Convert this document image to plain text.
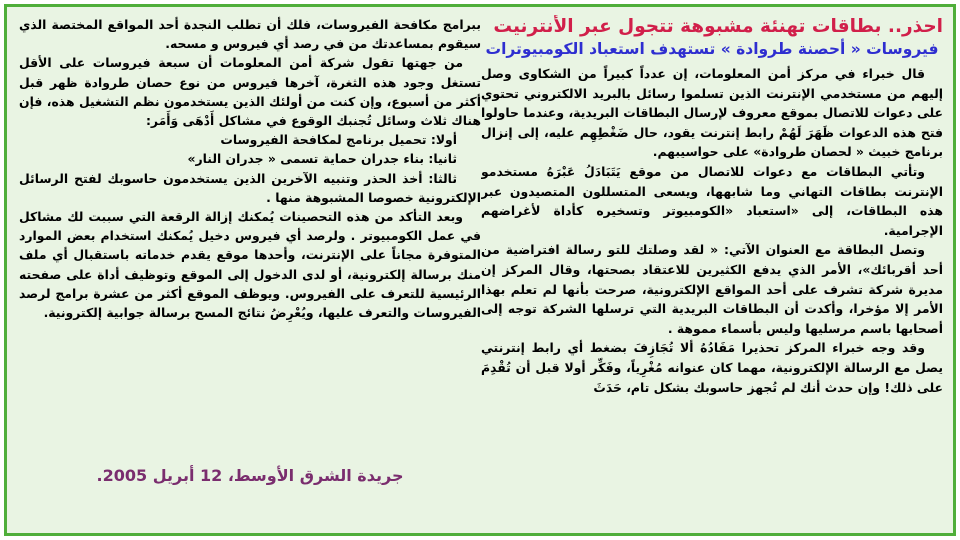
احذر.. بطاقات تهنئة مشبوهة تتجول عبر الأنترنيت
فيروسات « أحصنة طروادة » تستهدف استعباد الكومبيوترات

قال خبراء في مركز أمن المعلومات، إن عدداً كبيراً من الشكاوى وصل إليهم من مستخدمي الإنترنت الذين تسلموا رسائل بالبريد الالكتروني تحتوي على دعوات للاتصال بموقع معروف لإرسال البطاقات البريدية، وعندما حاولوا فتح هذه الدعوات ظَهَرَ لَهُمْ رابط إنترنت يقود، حال ضَغْطِهِم عليه، إلى إنزال برنامج خبيث « لحصان طروادة» على حواسيبهم.

وتأتي البطاقات مع دعوات للاتصال من موقع يَتَبَادَلُ عَبْرَهُ مستخدمو الإنترنت بطاقات التهاني وما شابهها، ويسعى المتسللون المتصيدون عبر هذه البطاقات، إلى «استعباد «الكومبيوتر وتسخيره كأداة لأغراضهم الإجرامية.

وتصل البطاقة مع العنوان الآتي: « لقد وصلتك للتو رسالة افتراضية من أحد أقربائك»، الأمر الذي يدفع الكثيرين للاعتقاد بصحتها، وقال المركز إن مديرة شركة تشرف على أحد المواقع الإلكترونية، صرحت بأنها لم تعلم بهذا الأمر إلا مؤخرا، وأكدت أن البطاقات البريدية التي ترسلها الشركة توجه إلى أصحابها باسم مرسليها وليس بأسماء مموهة .

وقد وجه خبراء المركز تحذيرا مَفَادُهُ ألا تُجَازِفَ بضغط أي رابط إنترنتي يصل مع الرسالة الإلكترونية، مهما كان عنوانه مُغْرِياً، وفَكِّر أولا قبل أن تُقْدِمَ على ذلك! وإن حدث أنك لم تُجهز حاسوبك بشكل تام، حَدَثَ

ببرامج مكافحة الفيروسات، فلك أن تطلب النجدة أحد المواقع المختصة الذي سيقوم بمساعدتك من في رصد أي فيروس و مسحه.

من جهتها تقول شركة أمن المعلومات أن سبعة فيروسات على الأقل تستغل وجود هذه الثغرة، آخرها فيروس من نوع حصان طروادة ظهر قبل أكثر من أسبوع، وإن كنت من أولئك الذين يستخدمون نظم التشغيل هذه، فإن هناك ثلاث وسائل تُجنبك الوقوع في مشاكل أَدْهَى وَأَمَر:

أولا: تحميل برنامج لمكافحة الفيروسات

ثانيا: بناء جدران حماية تسمى « جدران النار»

ثالثا: أخذ الحذر وتنبيه الآخرين الذين يستخدمون حاسوبك لفتح الرسائل الإلكترونية خصوصا المشبوهة منها .

وبعد التأكد من هذه التحصينات يُمكنك إزالة الرقعة التي سببت لك مشاكل في عمل الكومبيوتر . ولرصد أي فيروس دخيل يُمكنك استخدام بعض الموارد المتوفرة مجاناً على الإنترنت، وأحدها موقع يقدم خدماته باستقبال أي ملف منك برسالة إلكترونية، أو لدى الدخول إلى الموقع وتوظيف أداة على صفحته الرئيسية للتعرف على الفيروس. ويوظف الموقع أكثر من عشرة برامج لرصد الفيروسات والتعرف عليها، ويُعْرِضُ نتائج المسح برسالة جوابية إلكترونية.

جريدة الشرق الأوسط، 12 أبريل 2005.
